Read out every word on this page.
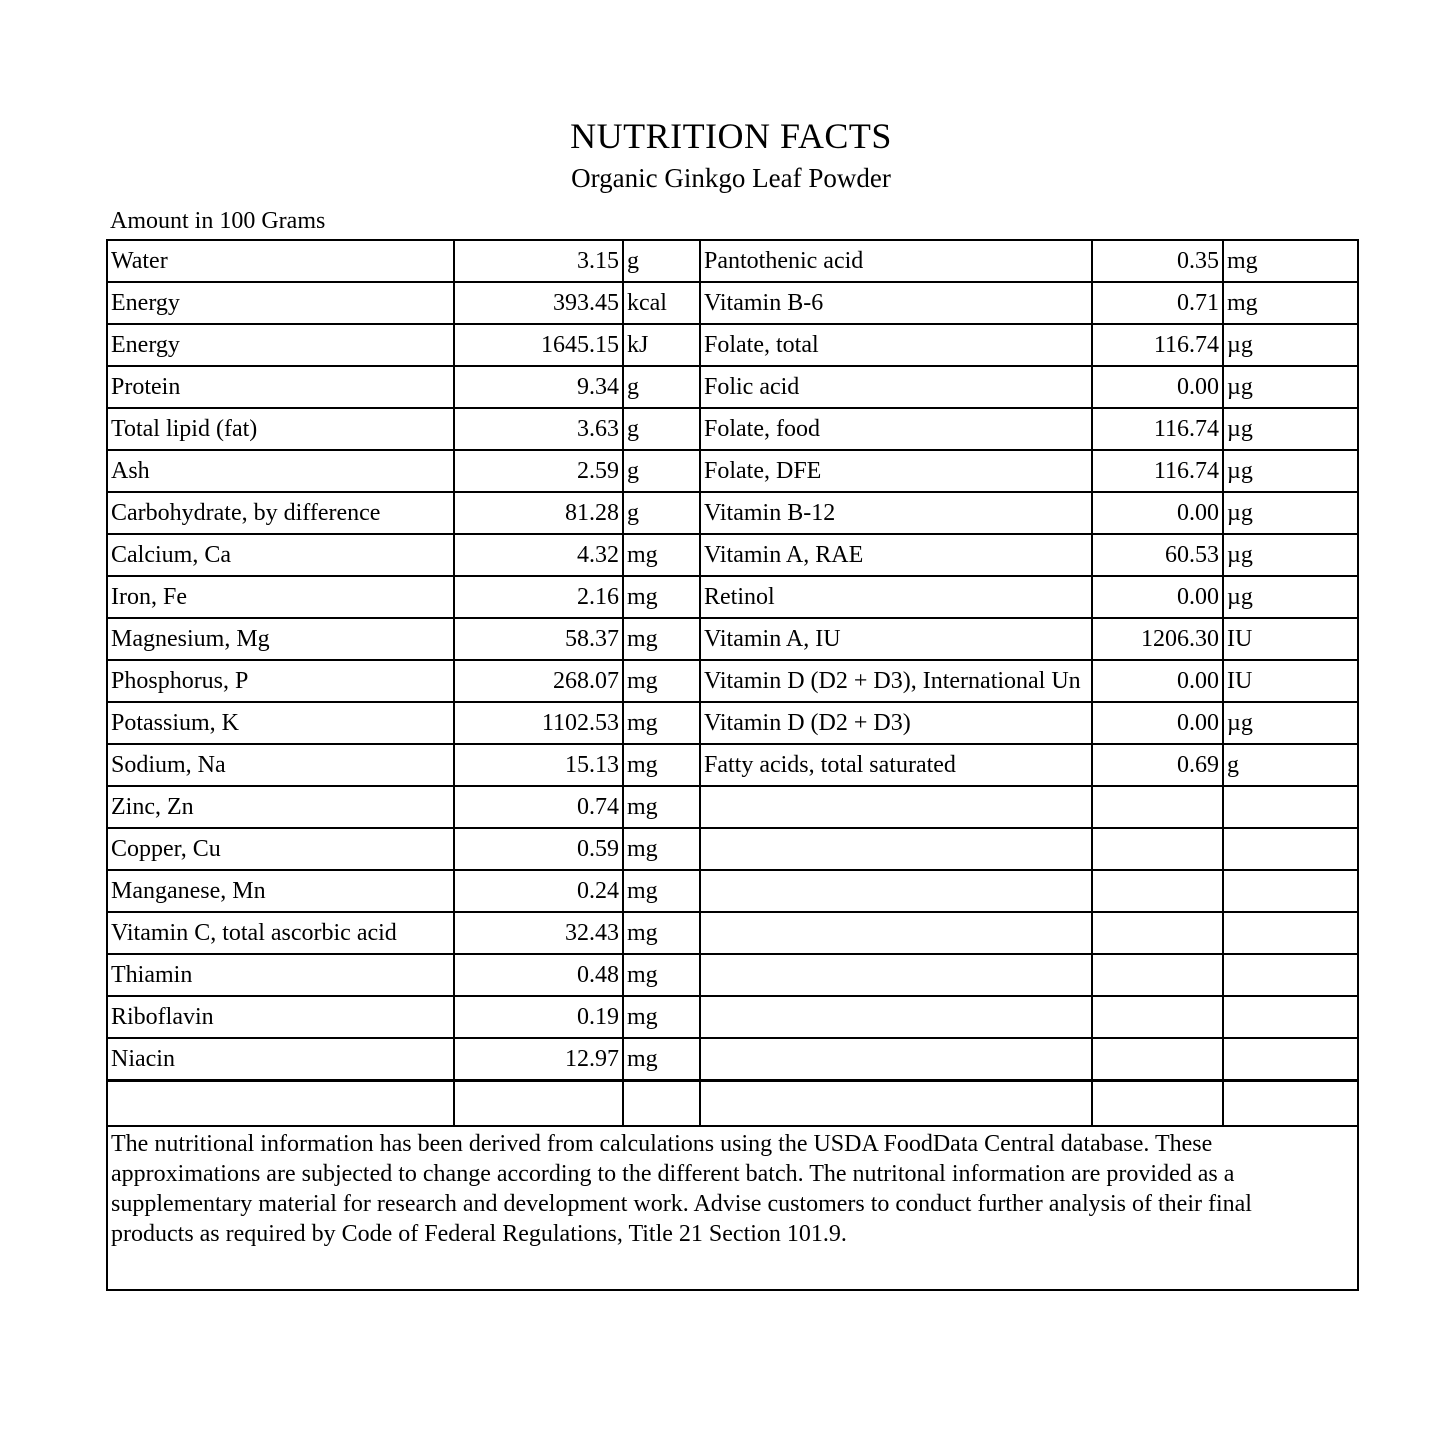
NUTRITION FACTS
Organic Ginkgo Leaf Powder
Amount in 100 Grams
Water	3.15	g	Pantothenic acid	0.35	mg
Energy	393.45	kcal	Vitamin B-6	0.71	mg
Energy	1645.15	kJ	Folate, total	116.74	µg
Protein	9.34	g	Folic acid	0.00	µg
Total lipid (fat)	3.63	g	Folate, food	116.74	µg
Ash	2.59	g	Folate, DFE	116.74	µg
Carbohydrate, by difference	81.28	g	Vitamin B-12	0.00	µg
Calcium, Ca	4.32	mg	Vitamin A, RAE	60.53	µg
Iron, Fe	2.16	mg	Retinol	0.00	µg
Magnesium, Mg	58.37	mg	Vitamin A, IU	1206.30	IU
Phosphorus, P	268.07	mg	Vitamin D (D2 + D3), International Un	0.00	IU
Potassium, K	1102.53	mg	Vitamin D (D2 + D3)	0.00	µg
Sodium, Na	15.13	mg	Fatty acids, total saturated	0.69	g
Zinc, Zn	0.74	mg			
Copper, Cu	0.59	mg			
Manganese, Mn	0.24	mg			
Vitamin C, total ascorbic acid	32.43	mg			
Thiamin	0.48	mg			
Riboflavin	0.19	mg			
Niacin	12.97	mg			

The nutritional information has been derived from calculations using the USDA FoodData Central database. These approximations are subjected to change according to the different batch. The nutritonal information are provided as a supplementary material for research and development work. Advise customers to conduct further analysis of their final products as required by Code of Federal Regulations, Title 21 Section 101.9.					
